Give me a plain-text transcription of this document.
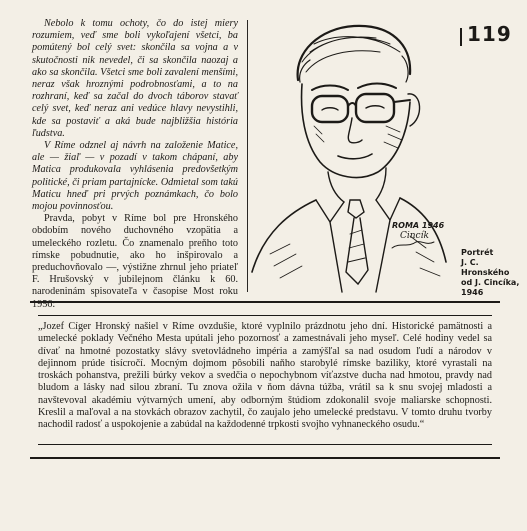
Nebolo k tomu ochoty, čo do istej miery rozumiem, veď sme boli vykoľajení všetci, ba pomútený bol celý svet: skončila sa vojna a v skutočnosti nik nevedel, či sa skončila naozaj a ako sa skončila. Všetci sme boli zavalení menšími, neraz však hroznými podrobnosťami, a to na rozhraní, keď sa začal do dvoch táborov stavať celý svet, keď neraz ani vedúce hlavy nevystihli, kde sa postaviť a aká bude najbližšia história ľudstva.

V Ríme odznel aj návrh na založenie Matice, ale — žiaľ — v pozadí v takom chápaní, aby Matica produkovala vyhlásenia predovšetkým politické, či priam partajnícke. Odmietal som takú Maticu hneď pri prvých poznámkach, čo bolo mojou povinnosťou.

Pravda, pobyt v Ríme bol pre Hronského obdobím nového duchovného vzopätia a umeleckého rozletu. Čo znamenalo preňho toto rímske pobudnutie, ako ho inšpirovalo a preduchovňovalo —, výstižne zhrnul jeho priateľ F. Hrušovský v jubilejnom článku k 60. narodeninám spisovateľa v časopise Most roku 1956:

119
ROMA 1946
Cincík
Portrét
J. C.
Hronského
od J. Cincíka,
1946
„Jozef Cíger Hronský našiel v Ríme ovzdušie, ktoré vyplnilo prázdnotu jeho dní. Historické pamätnosti a umelecké poklady Večného Mesta upútali jeho pozornosť a zamestnávali jeho myseľ. Celé hodiny vedel sa dívať na hmotné pozostatky slávy svetovládneho impéria a zamýšľal sa nad osudom ľudí a národov v dejinnom prúde tisícročí. Mocným dojmom pôsobili naňho starobylé rímske baziliky, ktoré vyrastali na troskách pohanstva, prežili búrky vekov a svedčia o nepochybnom víťazstve ducha nad hmotou, pravdy nad bludom a lásky nad silou zbraní. Tu znova ožila v ňom dávna túžba, vrátil sa k snu svojej mladosti a navštevoval akadémiu výtvarných umení, aby odborným štúdiom zdokonalil svoje maliarske schopnosti. Kreslil a maľoval a na stovkách obrazov zachytil, čo zaujalo jeho umelecké predstavu. V tomto druhu tvorby nachodil radosť a uspokojenie a zabúdal na každodenné trpkosti svojho vyhnaneckého osudu.“
